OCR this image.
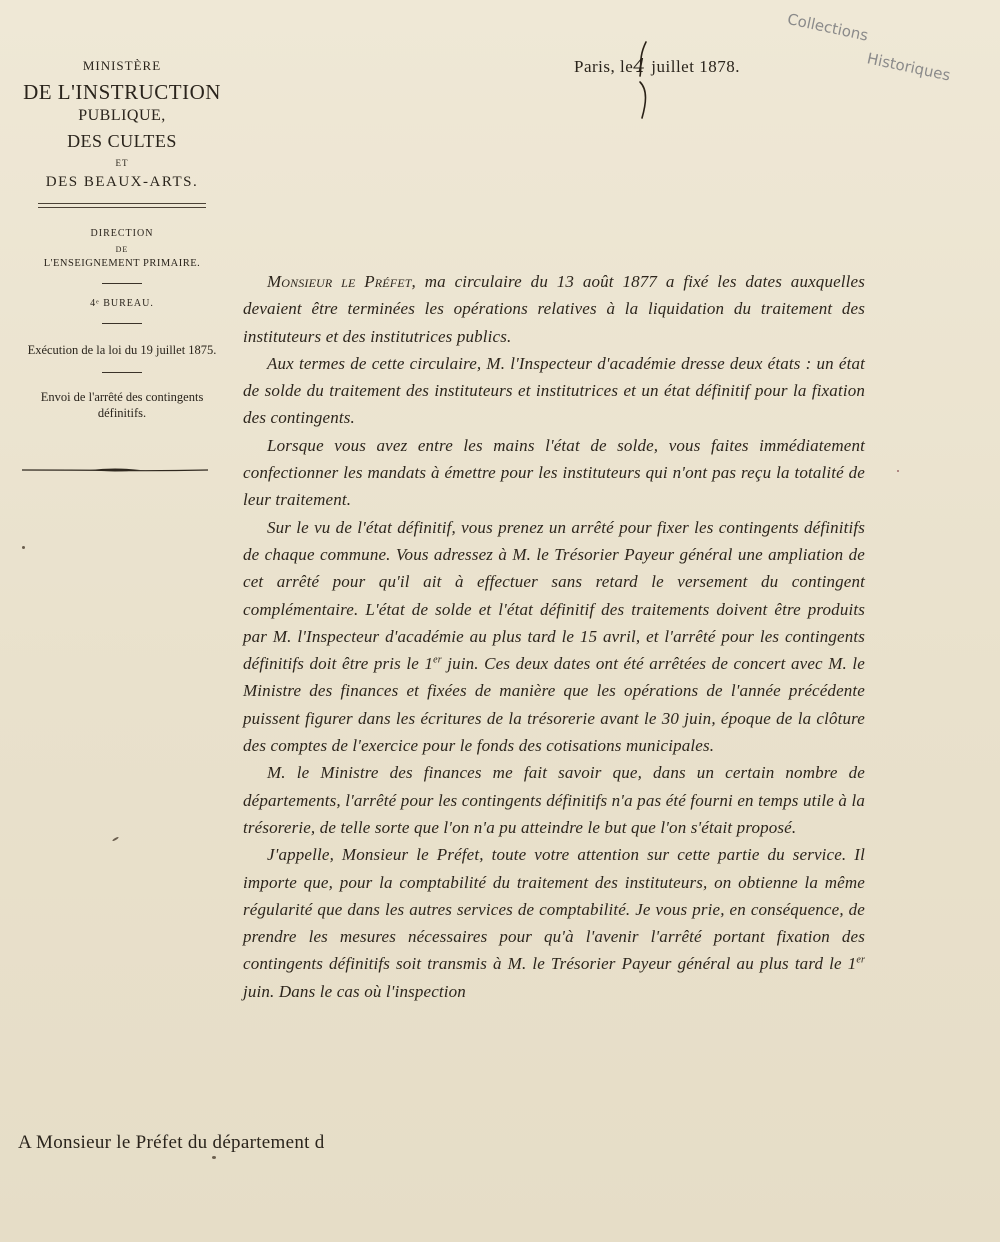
Collections
Historiques
MINISTÈRE
DE L'INSTRUCTION
PUBLIQUE,
DES CULTES
ET
DES BEAUX-ARTS.
DIRECTION
DE
L'ENSEIGNEMENT PRIMAIRE.
4ᵉ BUREAU.
Exécution de la loi du 19 juillet 1875.
Envoi de l'arrêté des contingents définitifs.
Paris, le4 juillet 1878.

Monsieur le Préfet, ma circulaire du 13 août 1877 a fixé les dates auxquelles devaient être terminées les opérations relatives à la liquidation du traitement des instituteurs et des institutrices publics.

Aux termes de cette circulaire, M. l'Inspecteur d'académie dresse deux états : un état de solde du traitement des instituteurs et institutrices et un état définitif pour la fixation des contingents.

Lorsque vous avez entre les mains l'état de solde, vous faites immédiatement confectionner les mandats à émettre pour les instituteurs qui n'ont pas reçu la totalité de leur traitement.

Sur le vu de l'état définitif, vous prenez un arrêté pour fixer les contingents définitifs de chaque commune. Vous adressez à M. le Trésorier Payeur général une ampliation de cet arrêté pour qu'il ait à effectuer sans retard le versement du contingent complémentaire. L'état de solde et l'état définitif des traitements doivent être produits par M. l'Inspecteur d'académie au plus tard le 15 avril, et l'arrêté pour les contingents définitifs doit être pris le 1er juin. Ces deux dates ont été arrêtées de concert avec M. le Ministre des finances et fixées de manière que les opérations de l'année précédente puissent figurer dans les écritures de la trésorerie avant le 30 juin, époque de la clôture des comptes de l'exercice pour le fonds des cotisations municipales.

M. le Ministre des finances me fait savoir que, dans un certain nombre de départements, l'arrêté pour les contingents définitifs n'a pas été fourni en temps utile à la trésorerie, de telle sorte que l'on n'a pu atteindre le but que l'on s'était proposé.

J'appelle, Monsieur le Préfet, toute votre attention sur cette partie du service. Il importe que, pour la comptabilité du traitement des instituteurs, on obtienne la même régularité que dans les autres services de comptabilité. Je vous prie, en conséquence, de prendre les mesures nécessaires pour qu'à l'avenir l'arrêté portant fixation des contingents définitifs soit transmis à M. le Trésorier Payeur général au plus tard le 1er juin. Dans le cas où l'inspection

A Monsieur le Préfet du département d
